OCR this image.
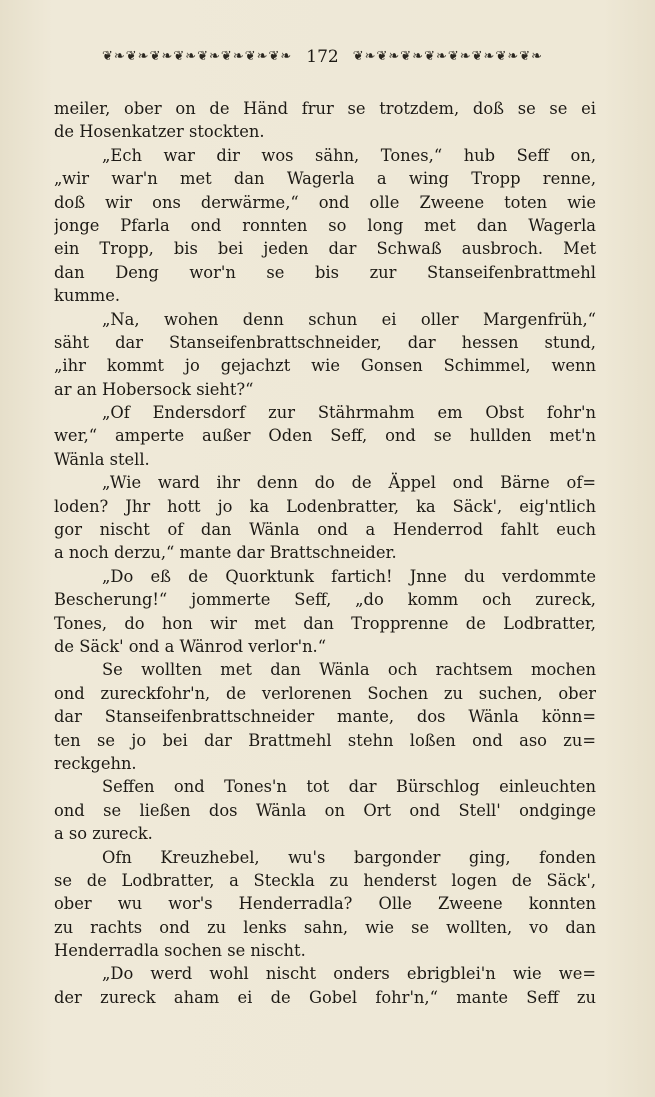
❦❧❦❧❦❧❦❧❦❧❦❧❦❧❦❧ 172	❦❧❦❧❦❧❦❧❦❧❦❧❦❧❦❧
meiler, ober on de Händ frur se trotzdem, doß se se ei
de Hosenkatzer stockten.
„Ech war dir wos sähn, Tones,“ hub Seff on,
„wir war'n met dan Wagerla a wing Tropp renne,
doß wir ons derwärme,“ ond olle Zweene toten wie
jonge Pfarla ond ronnten so long met dan Wagerla
ein Tropp, bis bei jeden dar Schwaß ausbroch. Met
dan Deng wor'n se bis zur Stanseifenbrattmehl
kumme.
„Na, wohen denn schun ei oller Margenfrüh,“
säht dar Stanseifenbrattschneider, dar hessen stund,
„ihr kommt jo gejachzt wie Gonsen Schimmel, wenn
ar an Hobersock sieht?“
„Of Endersdorf zur Stährmahm em Obst fohr'n
wer,“ amperte außer Oden Seff, ond se hullden met'n
Wänla stell.
„Wie ward ihr denn do de Äppel ond Bärne of=
loden? Jhr hott jo ka Lodenbratter, ka Säck', eig'ntlich
gor nischt of dan Wänla ond a Henderrod fahlt euch
a noch derzu,“ mante dar Brattschneider.
„Do eß de Quorktunk fartich! Jnne du verdommte
Bescherung!“ jommerte Seff, „do komm och zureck,
Tones, do hon wir met dan Tropprenne de Lodbratter,
de Säck' ond a Wänrod verlor'n.“
Se wollten met dan Wänla och rachtsem mochen
ond zureckfohr'n, de verlorenen Sochen zu suchen, ober
dar Stanseifenbrattschneider mante, dos Wänla könn=
ten se jo bei dar Brattmehl stehn loßen ond aso zu=
reckgehn.
Seffen ond Tones'n tot dar Bürschlog einleuchten
ond se ließen dos Wänla on Ort ond Stell' ondginge
a so zureck.
Ofn Kreuzhebel, wu's bargonder ging, fonden
se de Lodbratter, a Steckla zu henderst logen de Säck',
ober wu wor's Henderradla? Olle Zweene konnten
zu rachts ond zu lenks sahn, wie se wollten, vo dan
Henderradla sochen se nischt.
„Do werd wohl nischt onders ebrigblei'n wie we=
der zureck aham ei de Gobel fohr'n,“ mante Seff zu
